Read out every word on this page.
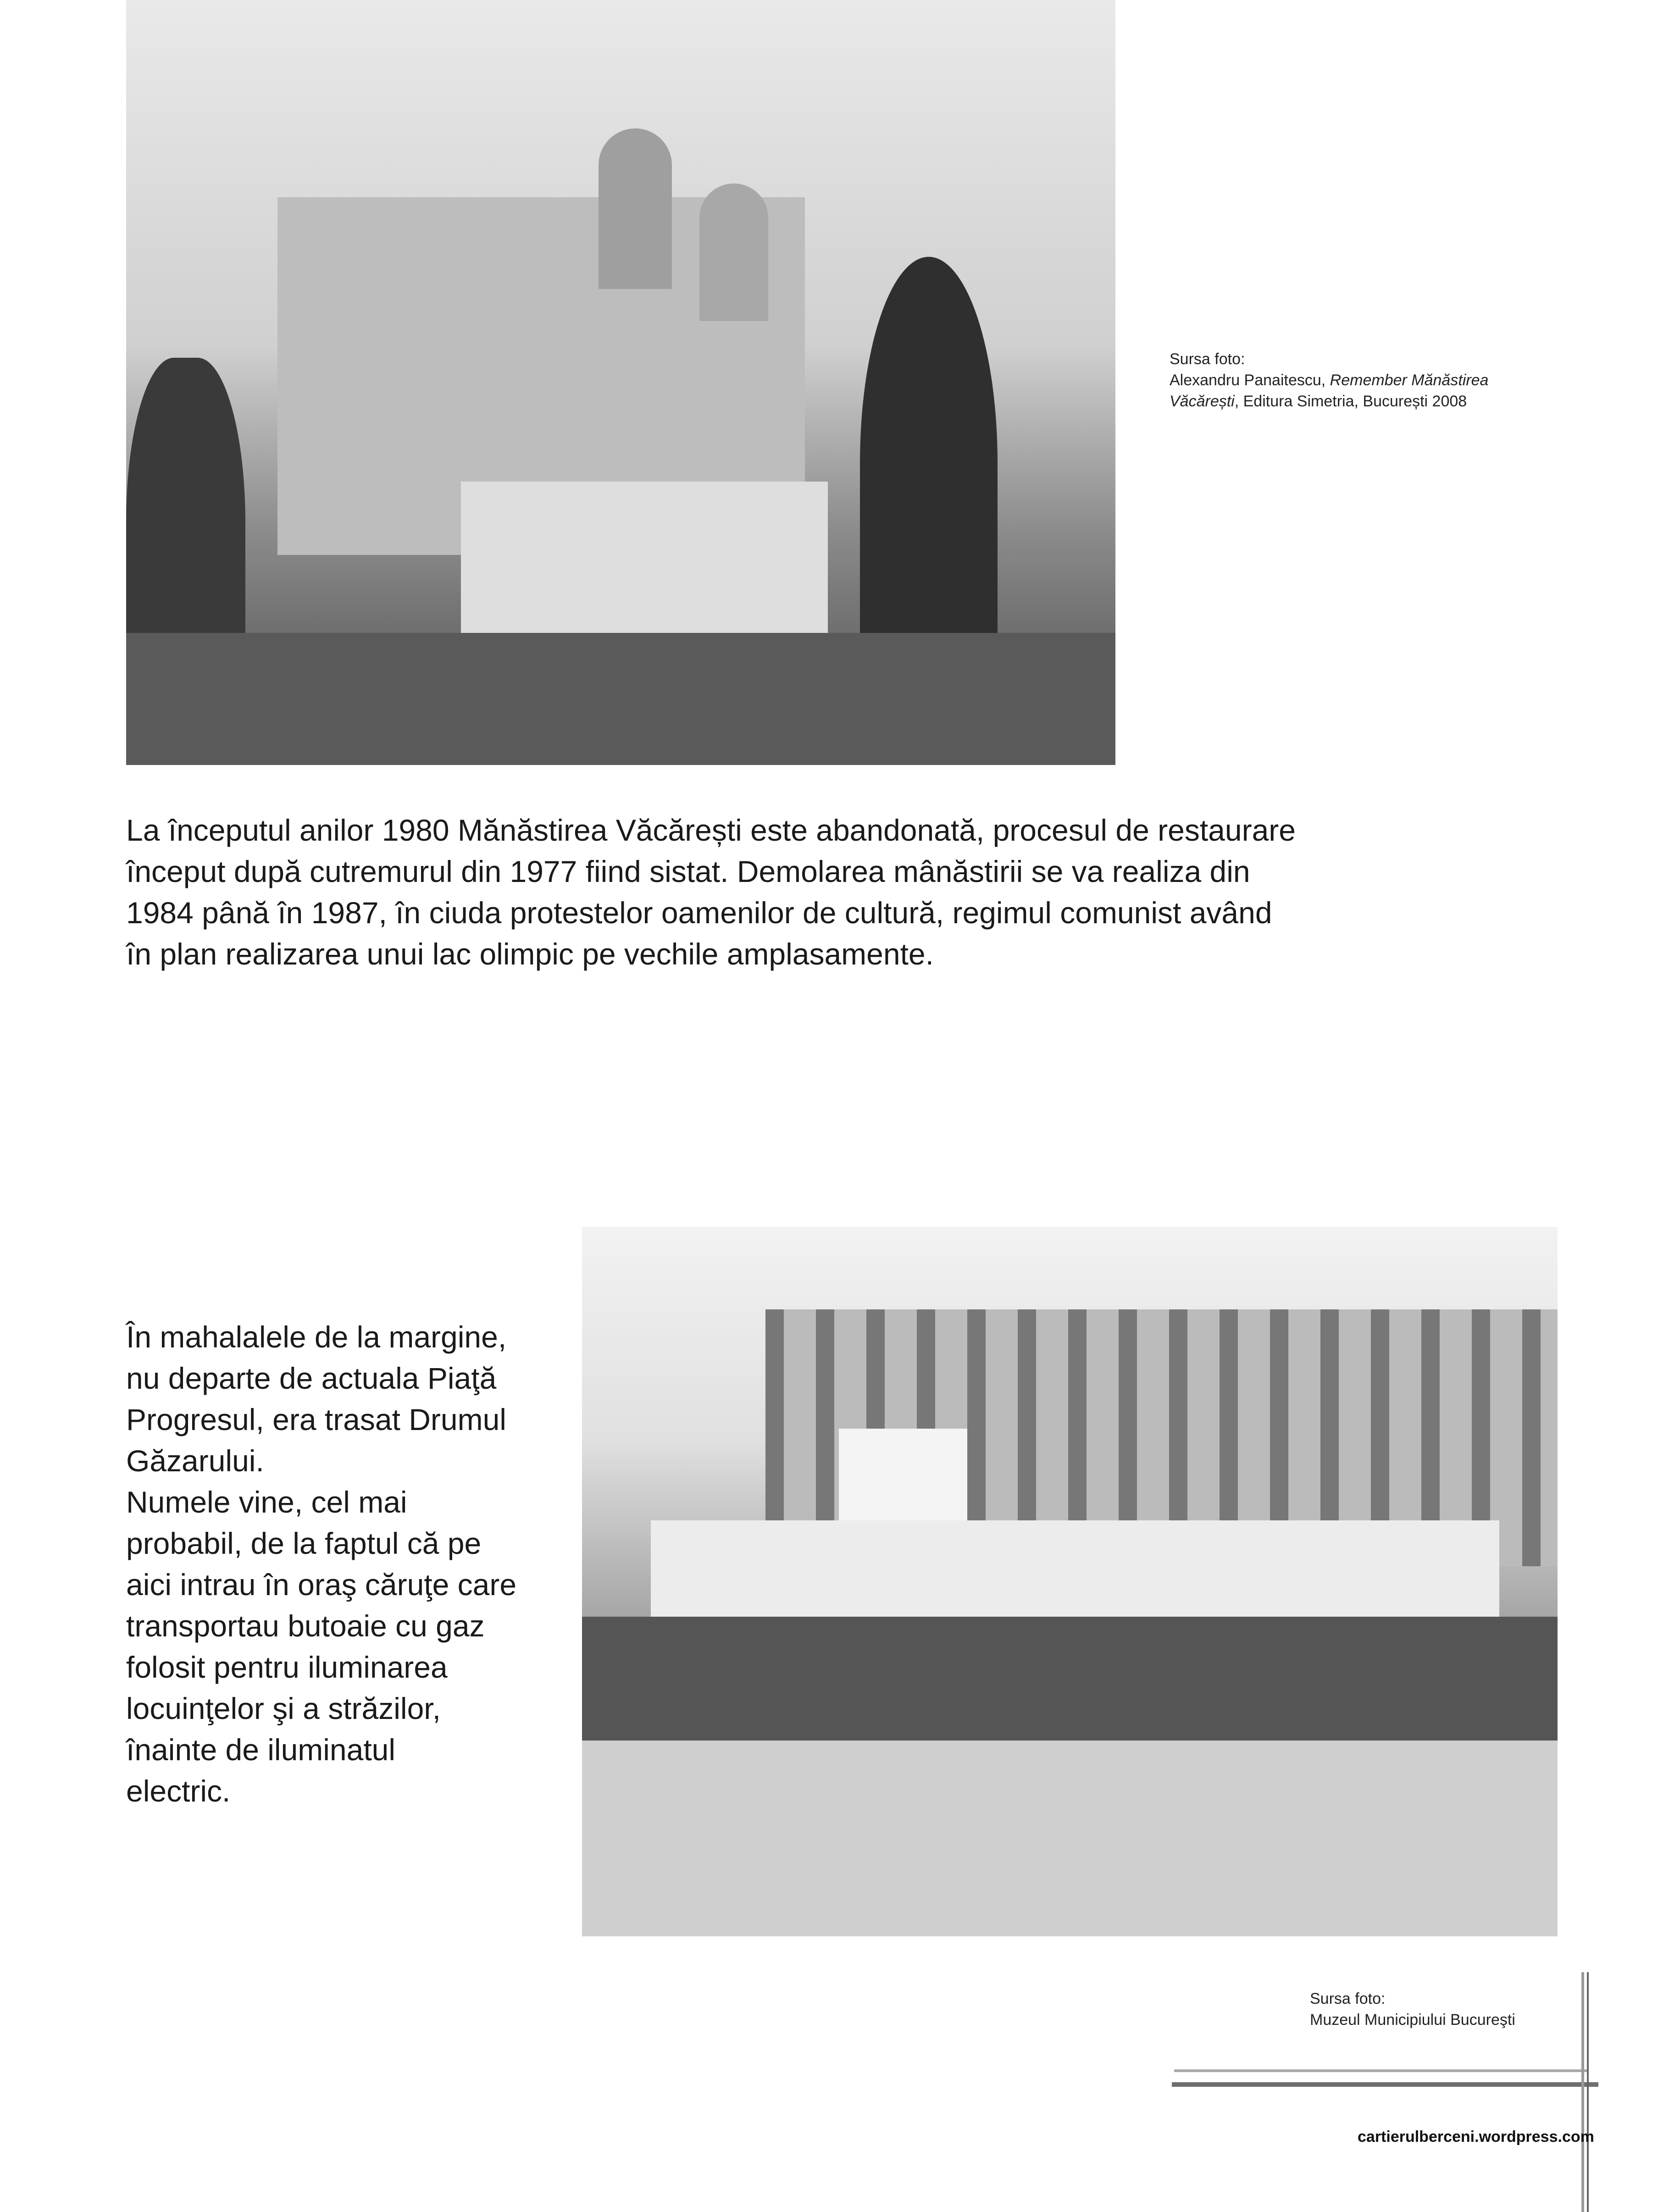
Sursa foto:
Alexandru Panaitescu, Remember Mănăstirea
Văcărești, Editura Simetria, București 2008
La începutul anilor 1980 Mănăstirea Văcărești este abandonată, procesul de restaurare
început după cutremurul din 1977 fiind sistat. Demolarea mânăstirii se va realiza din
1984 până în 1987, în ciuda protestelor oamenilor de cultură, regimul comunist având
în plan realizarea unui lac olimpic pe vechile amplasamente.
În mahalalele de la margine,
nu departe de actuala Piaţă
Progresul, era trasat Drumul
Găzarului.
Numele vine, cel mai
probabil, de la faptul că pe
aici intrau în oraş căruţe care
transportau butoaie cu gaz
folosit pentru iluminarea
locuinţelor şi a străzilor,
înainte de iluminatul
electric.
Sursa foto:
Muzeul Municipiului Bucureşti
cartierulberceni.wordpress.com
